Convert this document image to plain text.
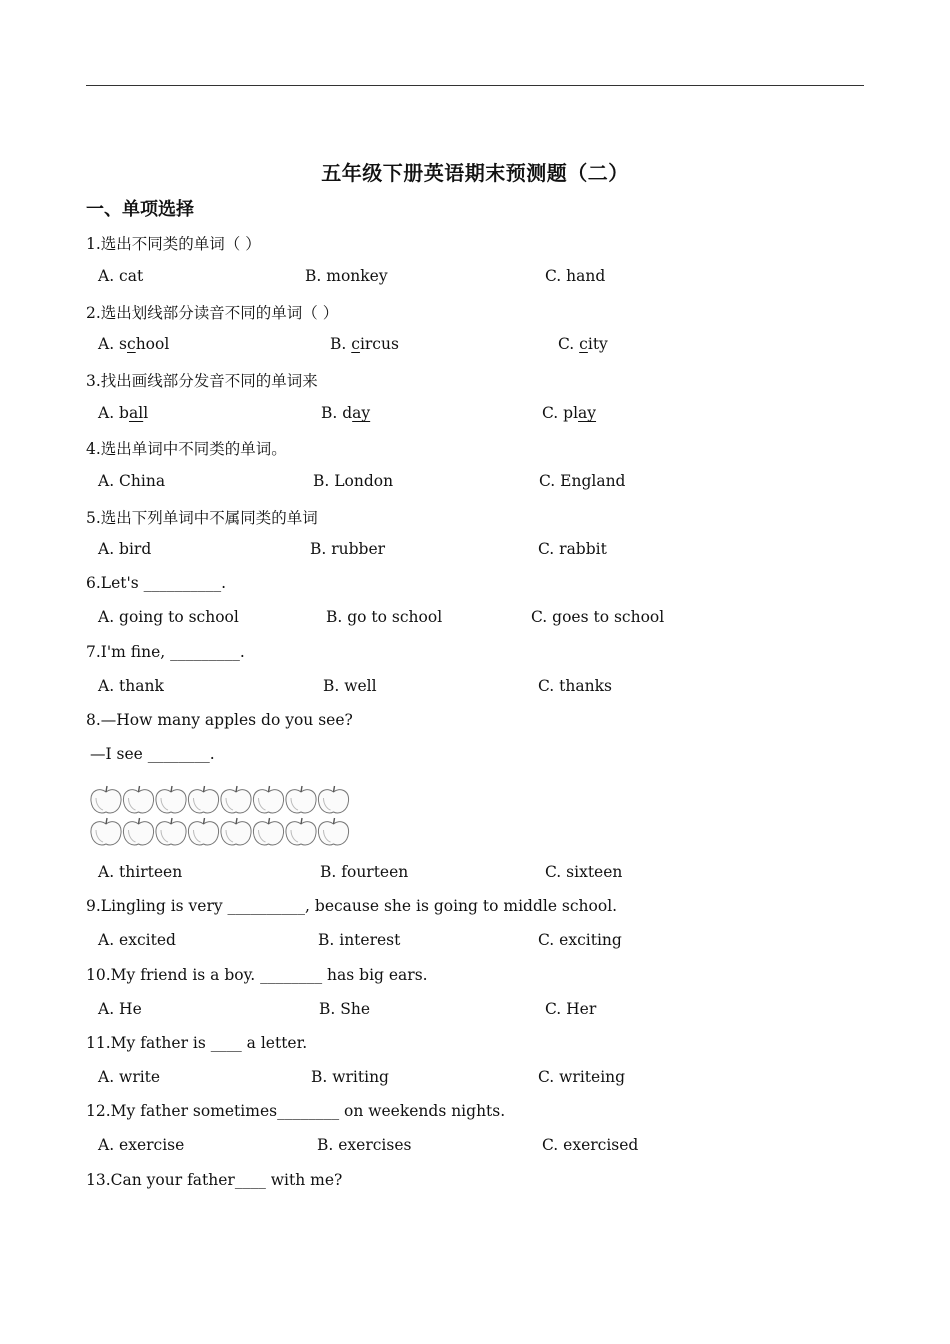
五年级下册英语期末预测题（二）
一、单项选择
1.选出不同类的单词（ ）
A. cat	B. monkey	C. hand
2.选出划线部分读音不同的单词（ ）
A. school	B. circus	C. city
3.找出画线部分发音不同的单词来
A. ball	B. day	C. play
4.选出单词中不同类的单词。
A. China	B. London	C. England
5.选出下列单词中不属同类的单词
A. bird	B. rubber	C. rabbit
6.Let's __________.
A. going to school	B. go to school	C. goes to school
7.I'm fine, _________.
A. thank	B. well	C. thanks
8.—How many apples do you see?
—I see ________.
A. thirteen	B. fourteen	C. sixteen
9.Lingling is very __________, because she is going to middle school.
A. excited	B. interest	C. exciting
10.My friend is a boy. ________ has big ears.
A. He	B. She	C. Her
11.My father is ____ a letter.
A. write	B. writing	C. writeing
12.My father sometimes________ on weekends nights.
A. exercise	B. exercises	C. exercised
13.Can your father____ with me?
